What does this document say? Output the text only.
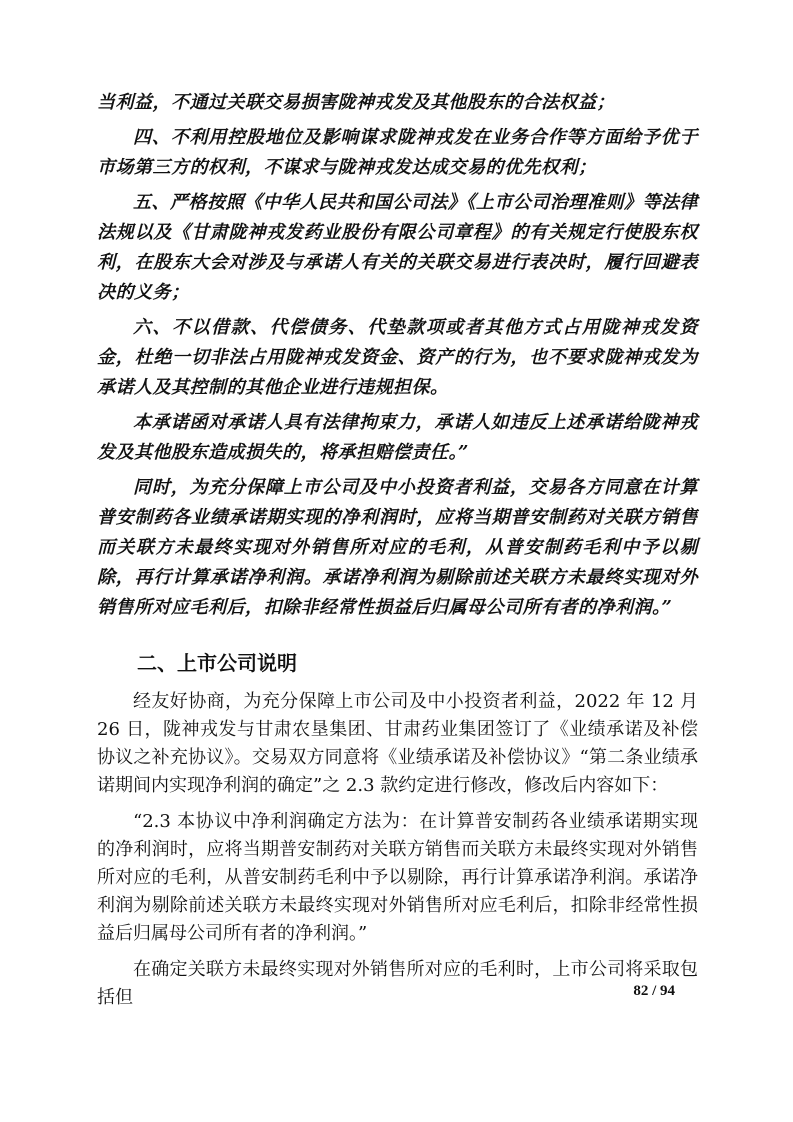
当利益，不通过关联交易损害陇神戎发及其他股东的合法权益；

四、不利用控股地位及影响谋求陇神戎发在业务合作等方面给予优于市场第三方的权利，不谋求与陇神戎发达成交易的优先权利；

五、严格按照《中华人民共和国公司法》《上市公司治理准则》等法律法规以及《甘肃陇神戎发药业股份有限公司章程》的有关规定行使股东权利，在股东大会对涉及与承诺人有关的关联交易进行表决时，履行回避表决的义务；

六、不以借款、代偿债务、代垫款项或者其他方式占用陇神戎发资金，杜绝一切非法占用陇神戎发资金、资产的行为，也不要求陇神戎发为承诺人及其控制的其他企业进行违规担保。

本承诺函对承诺人具有法律拘束力，承诺人如违反上述承诺给陇神戎发及其他股东造成损失的，将承担赔偿责任。”

同时，为充分保障上市公司及中小投资者利益，交易各方同意在计算普安制药各业绩承诺期实现的净利润时，应将当期普安制药对关联方销售而关联方未最终实现对外销售所对应的毛利，从普安制药毛利中予以剔除，再行计算承诺净利润。承诺净利润为剔除前述关联方未最终实现对外销售所对应毛利后，扣除非经常性损益后归属母公司所有者的净利润。”

二、上市公司说明

经友好协商，为充分保障上市公司及中小投资者利益，2022 年 12 月 26 日，陇神戎发与甘肃农垦集团、甘肃药业集团签订了《业绩承诺及补偿协议之补充协议》。交易双方同意将《业绩承诺及补偿协议》“第二条业绩承诺期间内实现净利润的确定”之 2.3 款约定进行修改，修改后内容如下：

“2.3 本协议中净利润确定方法为：在计算普安制药各业绩承诺期实现的净利润时，应将当期普安制药对关联方销售而关联方未最终实现对外销售所对应的毛利，从普安制药毛利中予以剔除，再行计算承诺净利润。承诺净利润为剔除前述关联方未最终实现对外销售所对应毛利后，扣除非经常性损益后归属母公司所有者的净利润。”

在确定关联方未最终实现对外销售所对应的毛利时，上市公司将采取包括但	82 / 94
